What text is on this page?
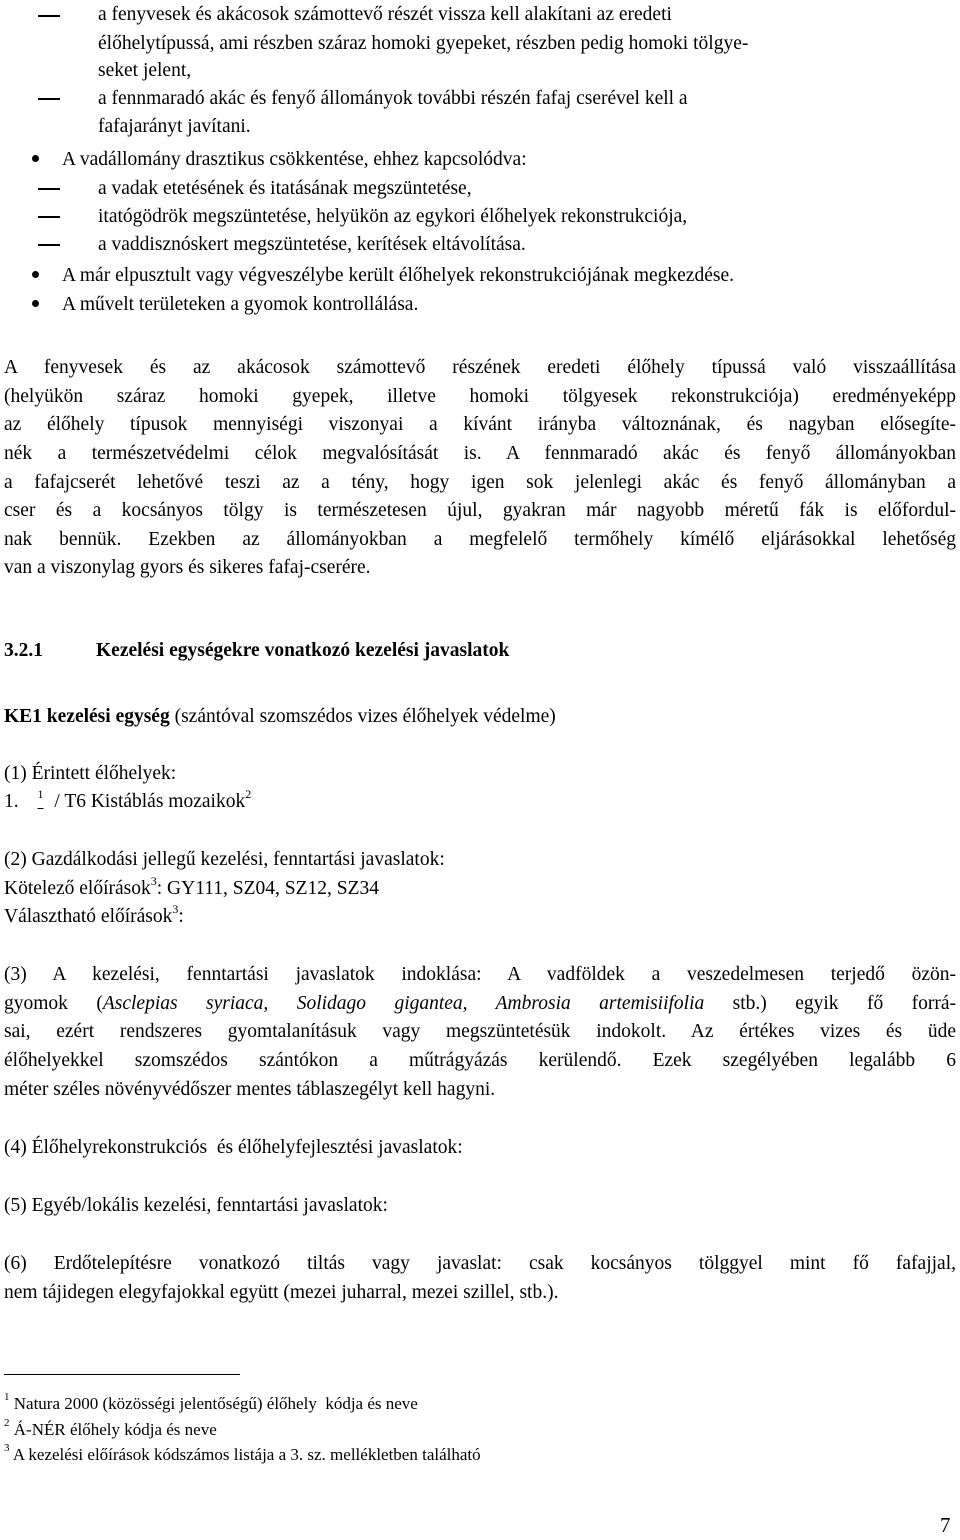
a fenyvesek és akácosok számottevő részét vissza kell alakítani az eredeti
élőhelytípussá, ami részben száraz homoki gyepeket, részben pedig homoki tölgye-
seket jelent,
a fennmaradó akác és fenyő állományok további részén fafaj cserével kell a
fafajarányt javítani.
A vadállomány drasztikus csökkentése, ehhez kapcsolódva:
a vadak etetésének és itatásának megszüntetése,
itatógödrök megszüntetése, helyükön az egykori élőhelyek rekonstrukciója,
a vaddisznóskert megszüntetése, kerítések eltávolítása.
A már elpusztult vagy végveszélybe került élőhelyek rekonstrukciójának megkezdése.
A művelt területeken a gyomok kontrollálása.
A fenyvesek és az akácosok számottevő részének eredeti élőhely típussá való visszaállítása
(helyükön száraz homoki gyepek, illetve homoki tölgyesek rekonstrukciója) eredményeképp
az élőhely típusok mennyiségi viszonyai a kívánt irányba változnának, és nagyban elősegíte-
nék a természetvédelmi célok megvalósítását is. A fennmaradó akác és fenyő állományokban
a fafajcserét lehetővé teszi az a tény, hogy igen sok jelenlegi akác és fenyő állományban a
cser és a kocsányos tölgy is természetesen újul, gyakran már nagyobb méretű fák is előfordul-
nak bennük. Ezekben az állományokban a megfelelő termőhely kímélő eljárásokkal lehetőség
van a viszonylag gyors és sikeres fafaj-cserére.
3.2.1	Kezelési egységekre vonatkozó kezelési javaslatok
KE1 kezelési egység (szántóval szomszédos vizes élőhelyek védelme)
(1) Érintett élőhelyek:
1. $^1$ / T6 Kistáblás mozaikok$^2$
(2) Gazdálkodási jellegű kezelési, fenntartási javaslatok:
Kötelező előírások$^3$: GY111, SZ04, SZ12, SZ34
Választható előírások$^3$:
(3) A kezelési, fenntartási javaslatok indoklása: A vadföldek a veszedelmesen terjedő özön-
gyomok (Asclepias syriaca, Solidago gigantea, Ambrosia artemisiifolia stb.) egyik fő forrá-
sai, ezért rendszeres gyomtalanításuk vagy megszüntetésük indokolt. Az értékes vizes és üde
élőhelyekkel szomszédos szántókon a műtrágyázás kerülendő. Ezek szegélyében legalább 6
méter széles növényvédőszer mentes táblaszegélyt kell hagyni.
(4) Élőhelyrekonstrukciós  és élőhelyfejlesztési javaslatok:
(5) Egyéb/lokális kezelési, fenntartási javaslatok:
(6) Erdőtelepítésre vonatkozó tiltás vagy javaslat: csak kocsányos tölggyel mint fő fafajjal,
nem tájidegen elegyfajokkal együtt (mezei juharral, mezei szillel, stb.).
$^1$ Natura 2000 (közösségi jelentőségű) élőhely  kódja és neve
$^2$ Á-NÉR élőhely kódja és neve
$^3$ A kezelési előírások kódszámos listája a 3. sz. mellékletben található
7
